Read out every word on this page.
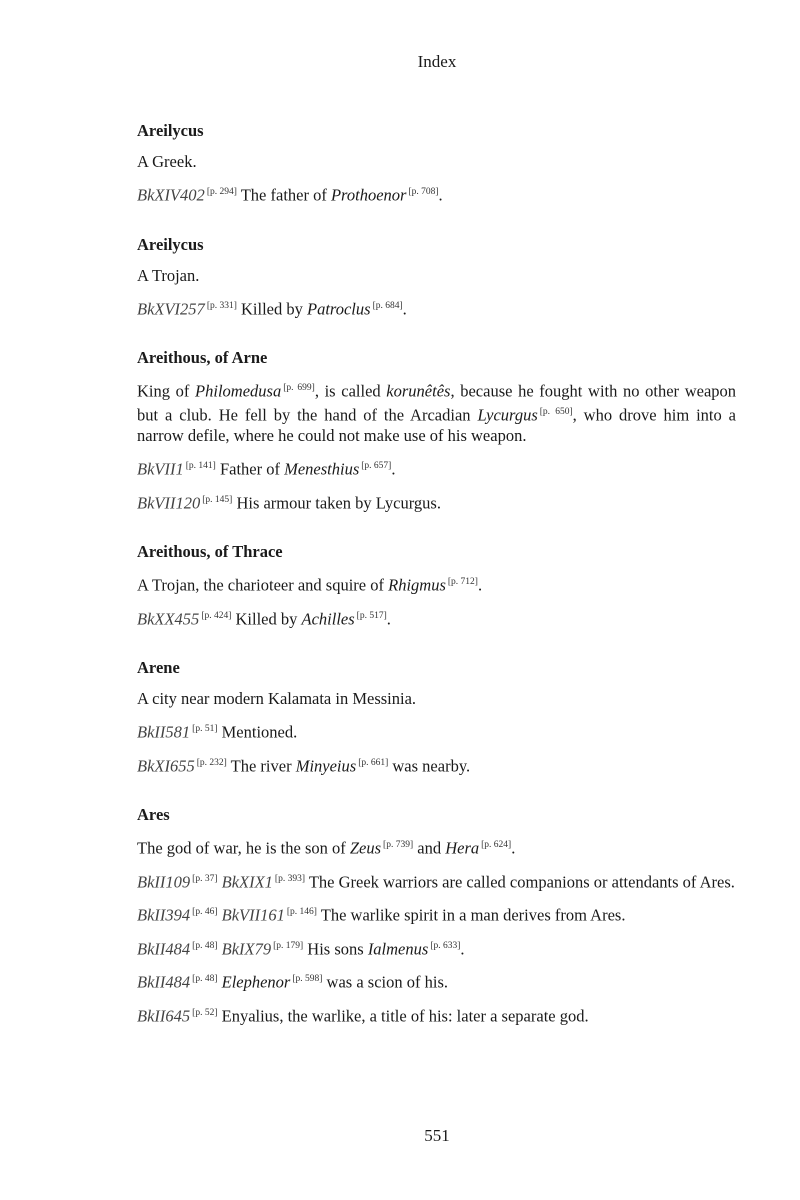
Index

Areilycus

A Greek.

BkXIV402 [p. 294] The father of Prothoenor [p. 708].

Areilycus

A Trojan.

BkXVI257 [p. 331] Killed by Patroclus [p. 684].

Areithous, of Arne

King of Philomedusa [p. 699], is called korunêtês, because he fought with no other weapon but a club. He fell by the hand of the Arcadian Lycurgus [p. 650], who drove him into a narrow defile, where he could not make use of his weapon.

BkVII1 [p. 141] Father of Menesthius [p. 657].

BkVII120 [p. 145] His armour taken by Lycurgus.

Areithous, of Thrace

A Trojan, the charioteer and squire of Rhigmus [p. 712].

BkXX455 [p. 424] Killed by Achilles [p. 517].

Arene

A city near modern Kalamata in Messinia.

BkII581 [p. 51] Mentioned.

BkXI655 [p. 232] The river Minyeius [p. 661] was nearby.

Ares

The god of war, he is the son of Zeus [p. 739] and Hera [p. 624].

BkII109 [p. 37] BkXIX1 [p. 393] The Greek warriors are called companions or attendants of Ares.

BkII394 [p. 46] BkVII161 [p. 146] The warlike spirit in a man derives from Ares.

BkII484 [p. 48] BkIX79 [p. 179] His sons Ialmenus [p. 633].

BkII484 [p. 48] Elephenor [p. 598] was a scion of his.

BkII645 [p. 52] Enyalius, the warlike, a title of his: later a separate god.

551
